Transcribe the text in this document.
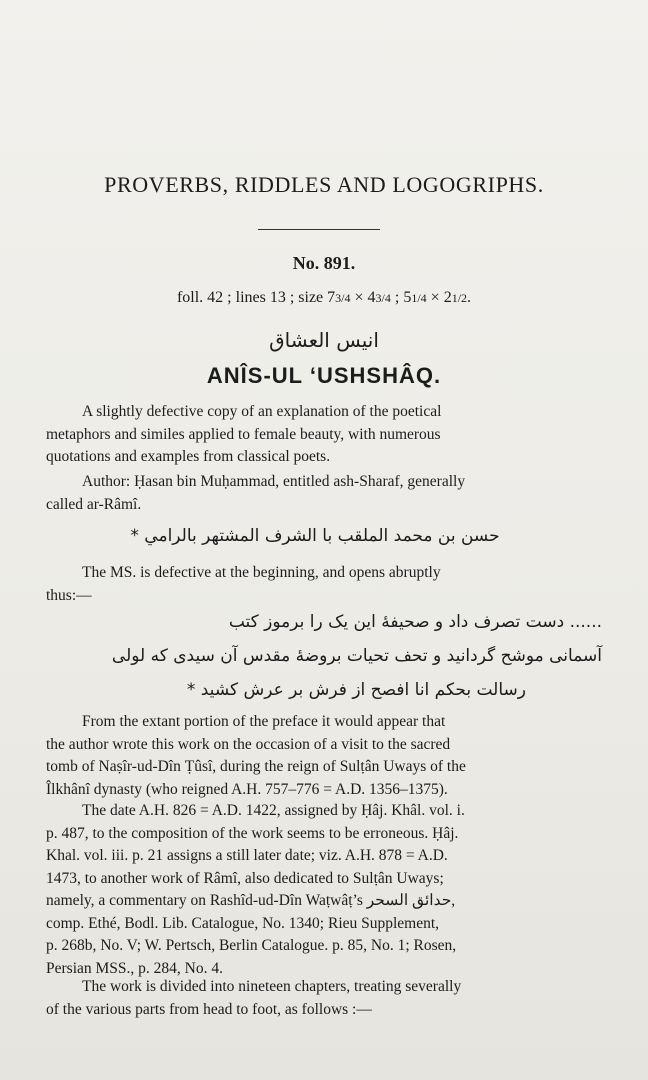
PROVERBS, RIDDLES AND LOGOGRIPHS.
No. 891.
foll. 42 ; lines 13 ; size 73/4 × 43/4 ; 51/4 × 21/2.
انیس العشاق
ANÎS-UL ‘USHSHÂQ.
A slightly defective copy of an explanation of the poetical
metaphors and similes applied to female beauty, with numerous
quotations and examples from classical poets.
Author: Ḥasan bin Muḥammad, entitled ash-Sharaf, generally
called ar-Râmî.
حسن بن محمد الملقب با الشرف المشتهر بالرامي *
The MS. is defective at the beginning, and opens abruptly
thus:—
...... دست تصرف داد و صحیفهٔ این یک را برموز کتب
آسمانی موشح گردانید و تحف تحیات بروضهٔ مقدس آن سیدی که لولی
رسالت بحکم انا افصح از فرش بر عرش کشید *
From the extant portion of the preface it would appear that
the author wrote this work on the occasion of a visit to the sacred
tomb of Naṣîr-ud-Dîn Ṭûsî, during the reign of Sulṭân Uways of the
Îlkhânî dynasty (who reigned A.H. 757–776 = A.D. 1356–1375).
The date A.H. 826 = A.D. 1422, assigned by Ḥâj. Khâl. vol. i.
p. 487, to the composition of the work seems to be erroneous. Ḥâj.
Khal. vol. iii. p. 21 assigns a still later date; viz. A.H. 878 = A.D.
1473, to another work of Râmî, also dedicated to Sulṭân Uways;
namely, a commentary on Rashîd-ud-Dîn Waṭwâṭ’s حدائق السحر,
comp. Ethé, Bodl. Lib. Catalogue, No. 1340; Rieu Supplement,
p. 268b, No. V; W. Pertsch, Berlin Catalogue. p. 85, No. 1; Rosen,
Persian MSS., p. 284, No. 4.
The work is divided into nineteen chapters, treating severally
of the various parts from head to foot, as follows :—
